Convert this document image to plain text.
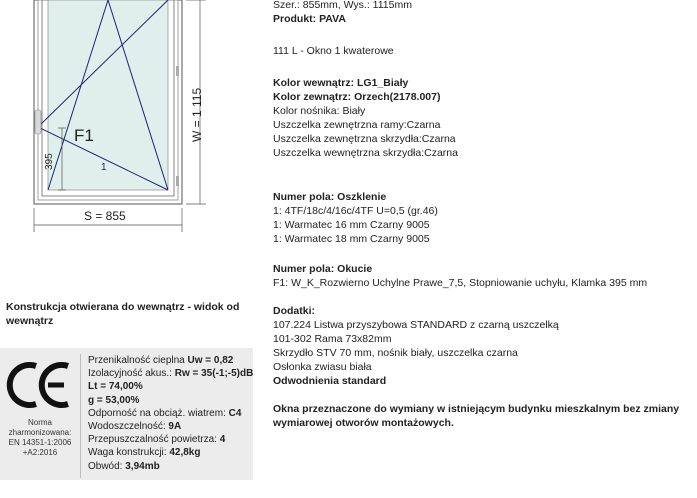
F1
1
395
S = 855
W = 1 115
Szer.: 855mm, Wys.: 1115mm
Produkt: PAVA
111 L - Okno 1 kwaterowe
Kolor wewnątrz: LG1_Biały
Kolor zewnątrz: Orzech(2178.007)
Kolor nośnika: Biały
Uszczelka zewnętrzna ramy:Czarna
Uszczelka zewnętrzna skrzydła:Czarna
Uszczelka wewnętrzna skrzydła:Czarna
Numer pola: Oszklenie
1: 4TF/18c/4/16c/4TF U=0,5 (gr.46)
1: Warmatec 16 mm Czarny 9005
1: Warmatec 18 mm Czarny 9005
Numer pola: Okucie
F1: W_K_Rozwierno Uchylne Prawe_7,5, Stopniowanie uchyłu, Klamka 395 mm
Dodatki:
107.224 Listwa przyszybowa STANDARD z czarną uszczelką
101-302 Rama 73x82mm
Skrzydło STV 70 mm, nośnik biały, uszczelka czarna
Osłonka zwiasu biała
Odwodnienia standard
Okna przeznaczone do wymiany w istniejącym budynku mieszkalnym bez zmiany wymiarowej otworów montażowych.
Konstrukcja otwierana do wewnątrz - widok od wewnątrz
Norma
zharmonizowana:
EN 14351-1:2006
+A2:2016
Przenikalność cieplna Uw = 0,82
Izolacyjność akus.: Rw = 35(-1;-5)dB
Lt = 74,00%
g = 53,00%
Odporność na obciąż. wiatrem: C4
Wodoszczelność: 9A
Przepuszczalność powietrza: 4
Waga konstrukcji: 42,8kg
Obwód: 3,94mb
